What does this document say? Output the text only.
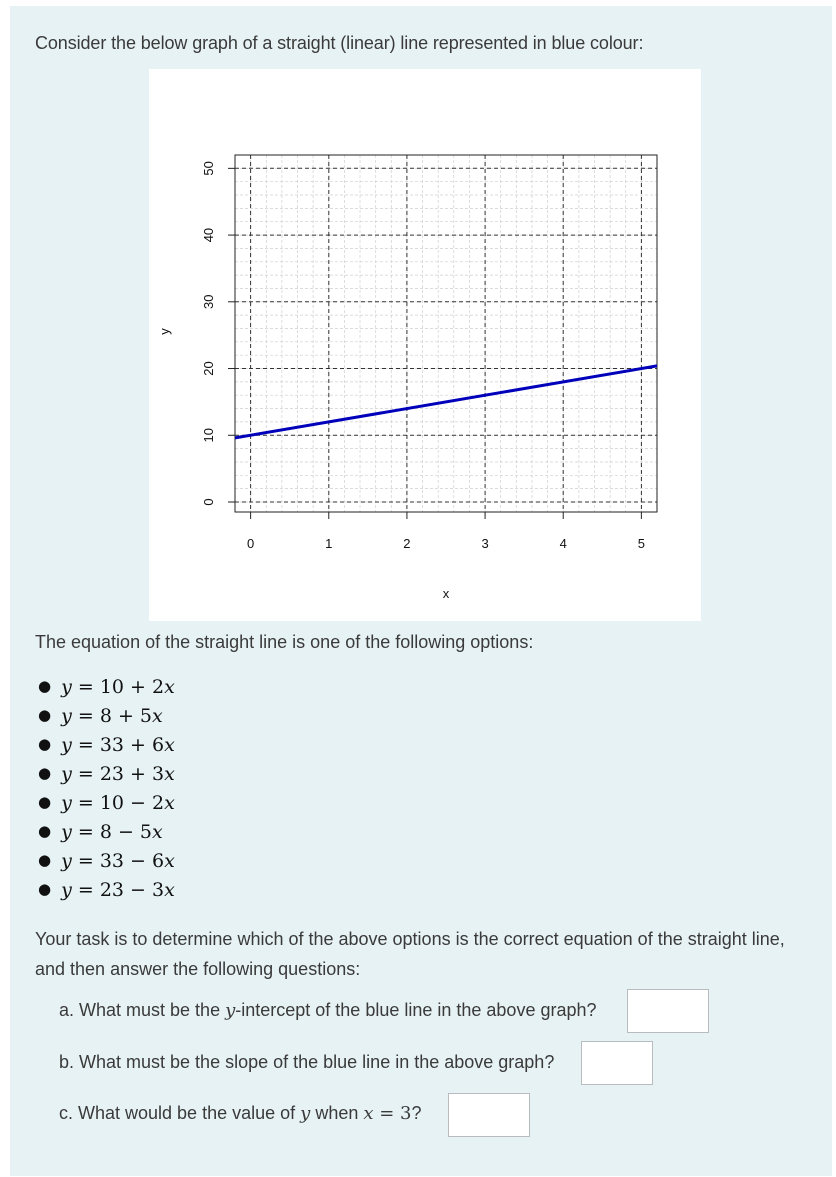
Consider the below graph of a straight (linear) line represented in blue colour:
0	1	2	3	4	5
0
10
20
30
40
50
x
y
The equation of the straight line is one of the following options:
● y = 10 + 2x
● y = 8 + 5x
● y = 33 + 6x
● y = 23 + 3x
● y = 10 − 2x
● y = 8 − 5x
● y = 33 − 6x
● y = 23 − 3x
Your task is to determine which of the above options is the correct equation of the straight line, and then answer the following questions:
a. What must be the y-intercept of the blue line in the above graph?
b. What must be the slope of the blue line in the above graph?
c. What would be the value of y when x = 3?
